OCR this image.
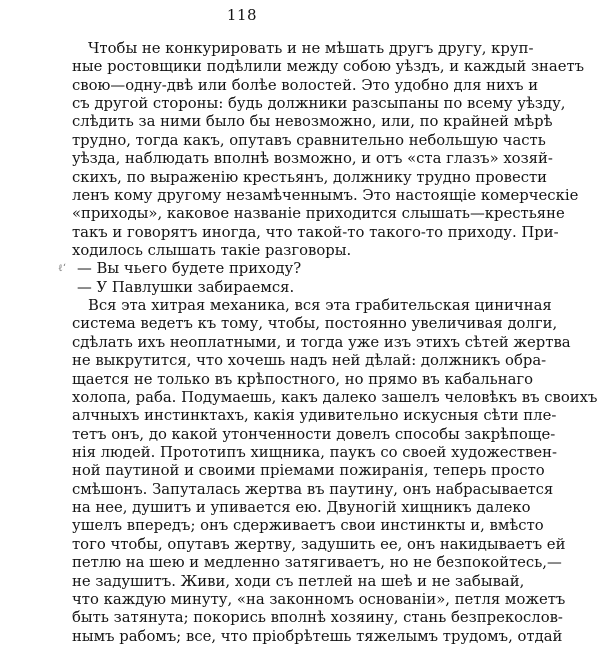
118
Чтобы не конкурировать и не мѣшать другъ другу, круп-
ные ростовщики подѣлили между собою уѣздъ, и каждый знаетъ
свою—одну-двѣ или болѣе волостей. Это удобно для нихъ и
съ другой стороны: будь должники разсыпаны по всему уѣзду,
слѣдить за ними было бы невозможно, или, по крайней мѣрѣ
трудно, тогда какъ, опутавъ сравнительно небольшую часть
уѣзда, наблюдать вполнѣ возможно, и отъ «ста глазъ» хозяй-
скихъ, по выраженію крестьянъ, должнику трудно провести
ленъ кому другому незамѣченнымъ. Это настоящіе комерческіе
«приходы», каковое названіе приходится слышать—крестьяне
такъ и говорятъ иногда, что такой-то такого-то приходу. При-
ходилось слышать такіе разговоры.
ℓ‘ — Вы чьего будете приходу?
— У Павлушки забираемся.
Вся эта хитрая механика, вся эта грабительская циничная
система ведетъ къ тому, чтобы, постоянно увеличивая долги,
сдѣлать ихъ неоплатными, и тогда уже изъ этихъ сѣтей жертва
не выкрутится, что хочешь надъ ней дѣлай: должникъ обра-
щается не только въ крѣпостного, но прямо въ кабальнаго
холопа, раба. Подумаешь, какъ далеко зашелъ человѣкъ въ своихъ
алчныхъ инстинктахъ, какія удивительно искусныя сѣти пле-
тетъ онъ, до какой утонченности довелъ способы закрѣпоще-
нія людей. Прототипъ хищника, паукъ со своей художествен-
ной паутиной и своими пріемами пожиранія, теперь просто
смѣшонъ. Запуталась жертва въ паутину, онъ набрасывается
на нее, душитъ и упивается ею. Двуногій хищникъ далеко
ушелъ впередъ; онъ сдерживаетъ свои инстинкты и, вмѣсто
того чтобы, опутавъ жертву, задушить ее, онъ накидываетъ ей
петлю на шею и медленно затягиваетъ, но не безпокойтесь,—
не задушитъ. Живи, ходи съ петлей на шеѣ и не забывай,
что каждую минуту, «на законномъ основаніи», петля можетъ
быть затянута; покорись вполнѣ хозяину, стань безпрекослов-
нымъ рабомъ; все, что пріобрѣтешь тяжелымъ трудомъ, отдай
